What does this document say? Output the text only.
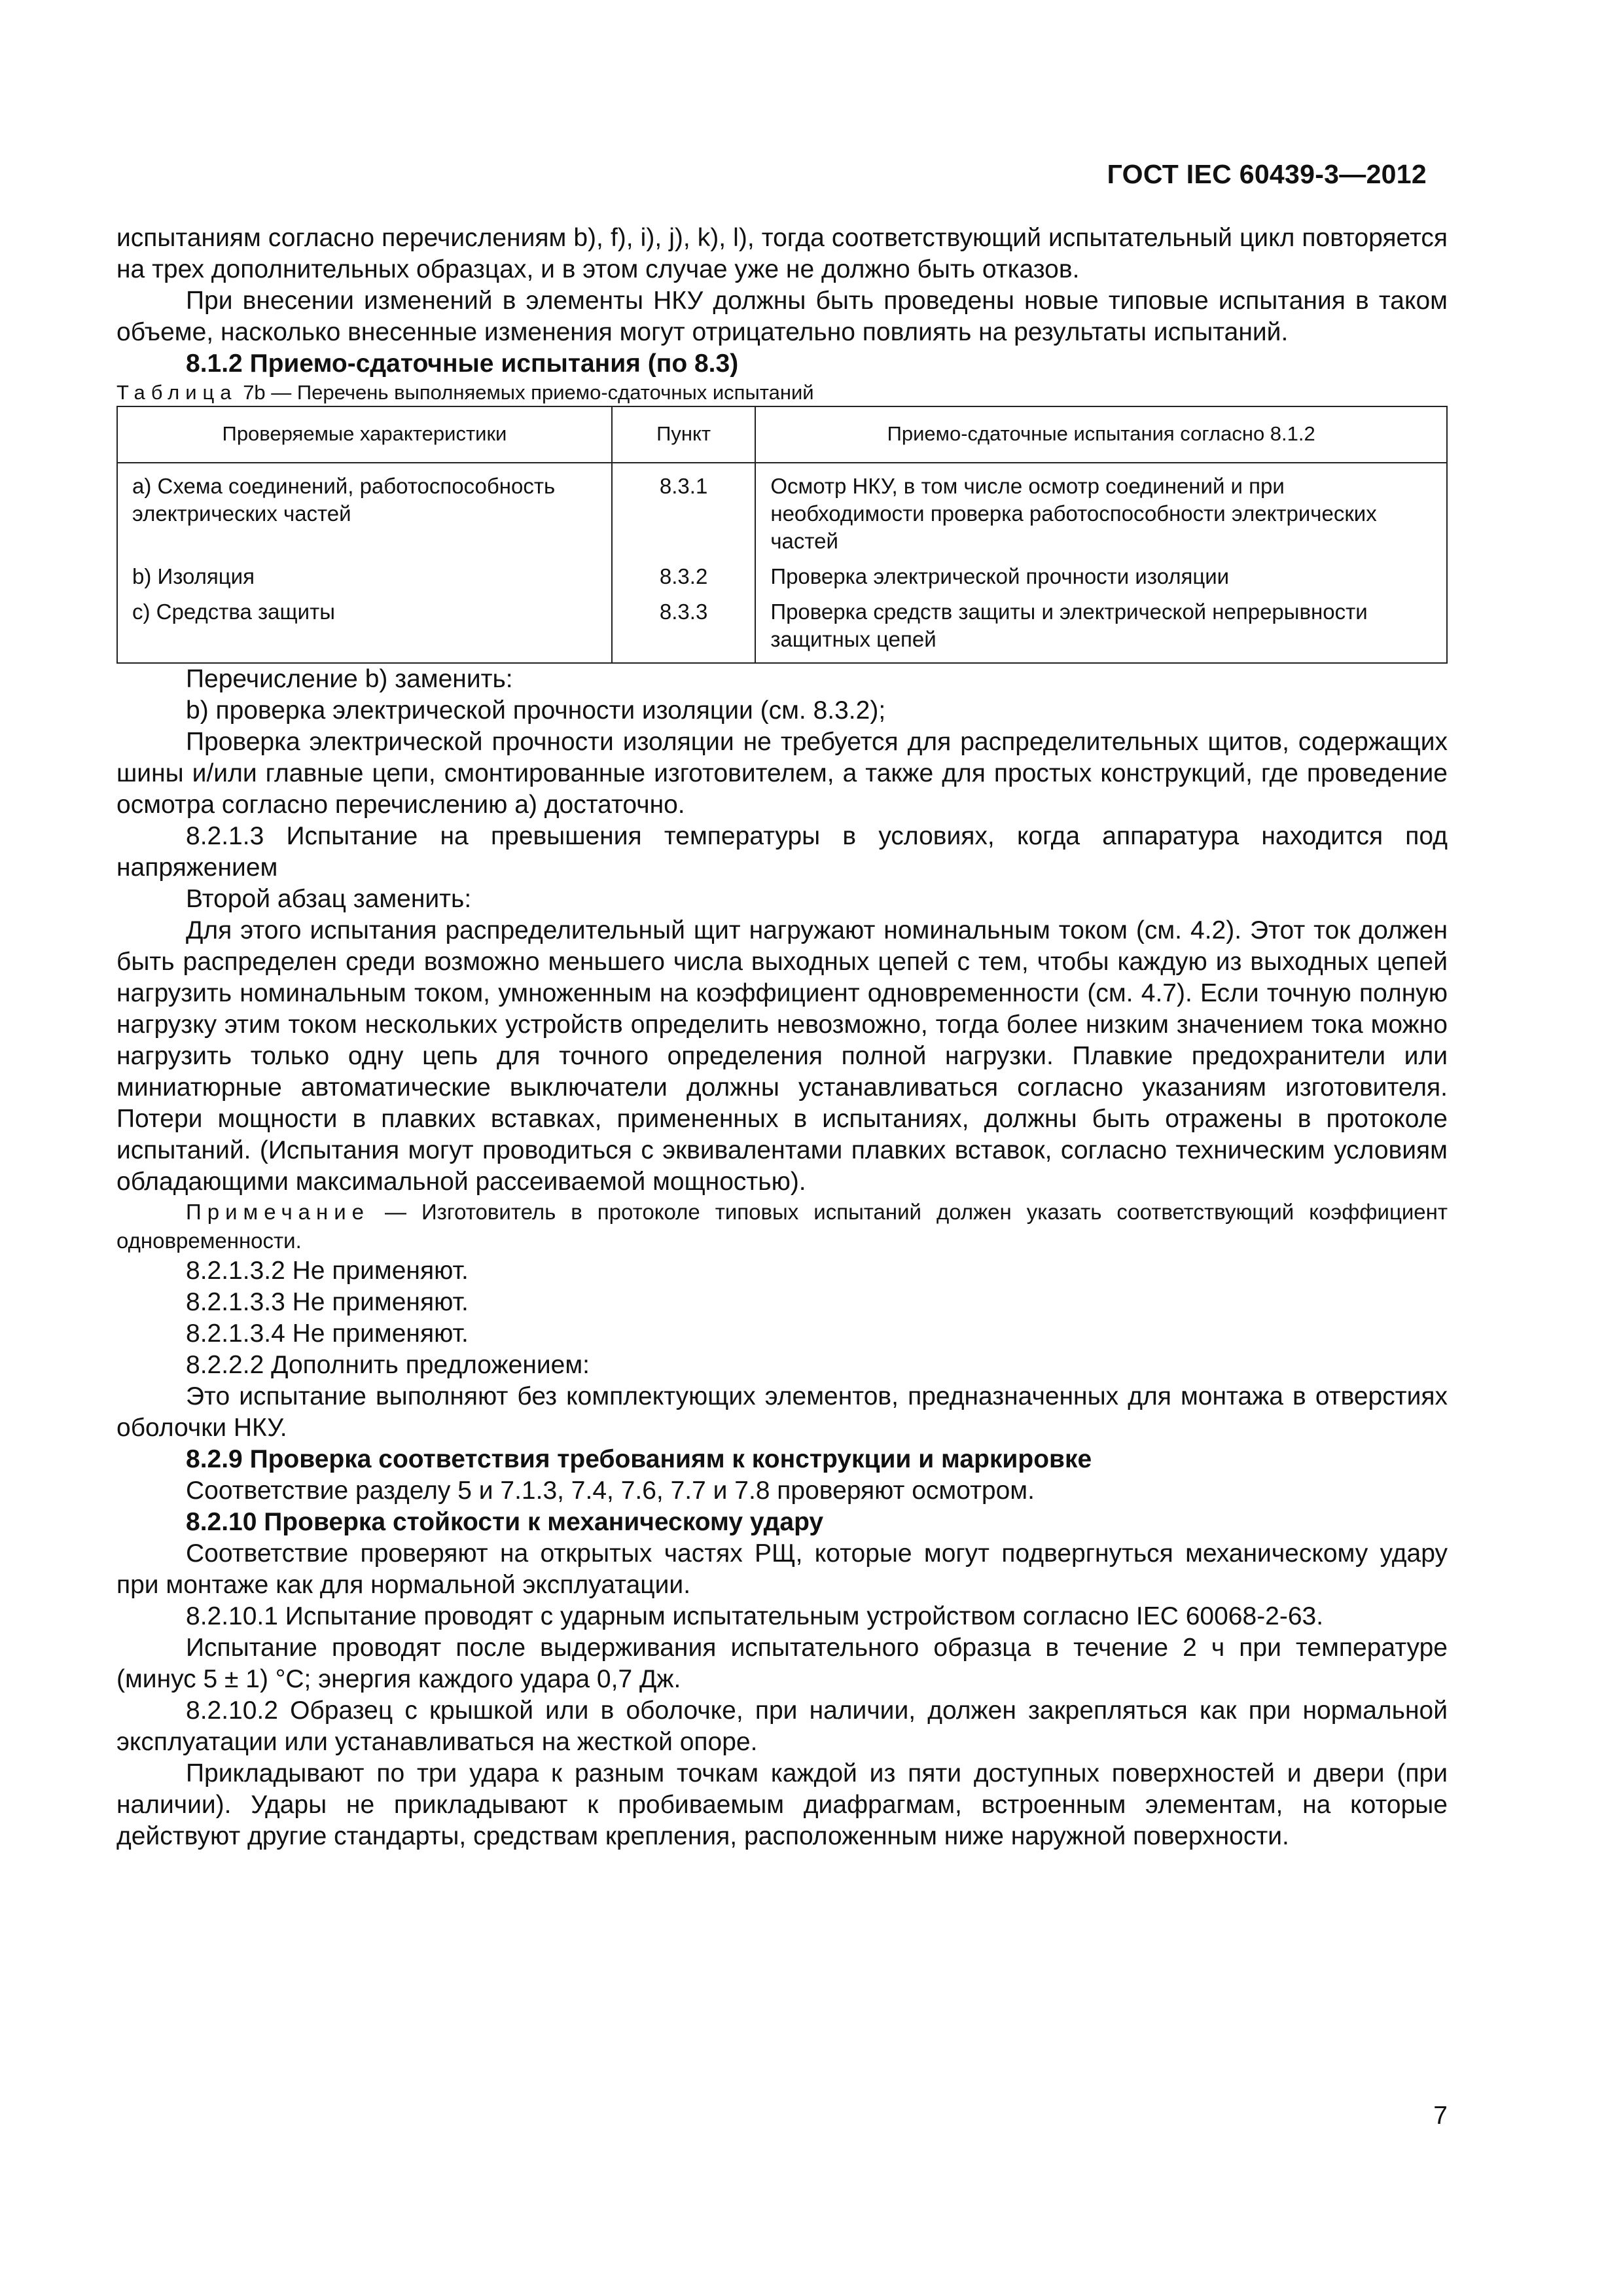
ГОСТ IEC 60439-3—2012

испытаниям согласно перечислениям b), f), i), j), k), l), тогда соответствующий испытательный цикл повторяется на трех дополнительных образцах, и в этом случае уже не должно быть отказов.

При внесении изменений в элементы НКУ должны быть проведены новые типовые испытания в таком объеме, насколько внесенные изменения могут отрицательно повлиять на результаты испытаний.

8.1.2 Приемо-сдаточные испытания (по 8.3)

Таблица 7b — Перечень выполняемых приемо-сдаточных испытаний

Проверяемые характеристики	Пункт	Приемо-сдаточные испытания согласно 8.1.2
a) Схема соединений, работоспособность электрических частей	8.3.1	Осмотр НКУ, в том числе осмотр соединений и при необходимости проверка работоспособности электрических частей
b) Изоляция	8.3.2	Проверка электрической прочности изоляции
c) Средства защиты	8.3.3	Проверка средств защиты и электрической непрерывности защитных цепей

Перечисление b) заменить:

b) проверка электрической прочности изоляции (см. 8.3.2);

Проверка электрической прочности изоляции не требуется для распределительных щитов, содержащих шины и/или главные цепи, смонтированные изготовителем, а также для простых конструкций, где проведение осмотра согласно перечислению a) достаточно.

8.2.1.3 Испытание на превышения температуры в условиях, когда аппаратура находится под напряжением

Второй абзац заменить:

Для этого испытания распределительный щит нагружают номинальным током (см. 4.2). Этот ток должен быть распределен среди возможно меньшего числа выходных цепей с тем, чтобы каждую из выходных цепей нагрузить номинальным током, умноженным на коэффициент одновременности (см. 4.7). Если точную полную нагрузку этим током нескольких устройств определить невозможно, тогда более низким значением тока можно нагрузить только одну цепь для точного определения полной нагрузки. Плавкие предохранители или миниатюрные автоматические выключатели должны устанавливаться согласно указаниям изготовителя. Потери мощности в плавких вставках, примененных в испытаниях, должны быть отражены в протоколе испытаний. (Испытания могут проводиться с эквивалентами плавких вставок, согласно техническим условиям обладающими максимальной рассеиваемой мощностью).

Примечание — Изготовитель в протоколе типовых испытаний должен указать соответствующий коэффициент одновременности.

8.2.1.3.2 Не применяют.

8.2.1.3.3 Не применяют.

8.2.1.3.4 Не применяют.

8.2.2.2 Дополнить предложением:

Это испытание выполняют без комплектующих элементов, предназначенных для монтажа в отверстиях оболочки НКУ.

8.2.9 Проверка соответствия требованиям к конструкции и маркировке

Соответствие разделу 5 и 7.1.3, 7.4, 7.6, 7.7 и 7.8 проверяют осмотром.

8.2.10 Проверка стойкости к механическому удару

Соответствие проверяют на открытых частях РЩ, которые могут подвергнуться механическому удару при монтаже как для нормальной эксплуатации.

8.2.10.1 Испытание проводят с ударным испытательным устройством согласно IEC 60068-2-63.

Испытание проводят после выдерживания испытательного образца в течение 2 ч при температуре (минус 5 ± 1) °C; энергия каждого удара 0,7 Дж.

8.2.10.2 Образец с крышкой или в оболочке, при наличии, должен закрепляться как при нормальной эксплуатации или устанавливаться на жесткой опоре.

Прикладывают по три удара к разным точкам каждой из пяти доступных поверхностей и двери (при наличии). Удары не прикладывают к пробиваемым диафрагмам, встроенным элементам, на которые действуют другие стандарты, средствам крепления, расположенным ниже наружной поверхности.

7
